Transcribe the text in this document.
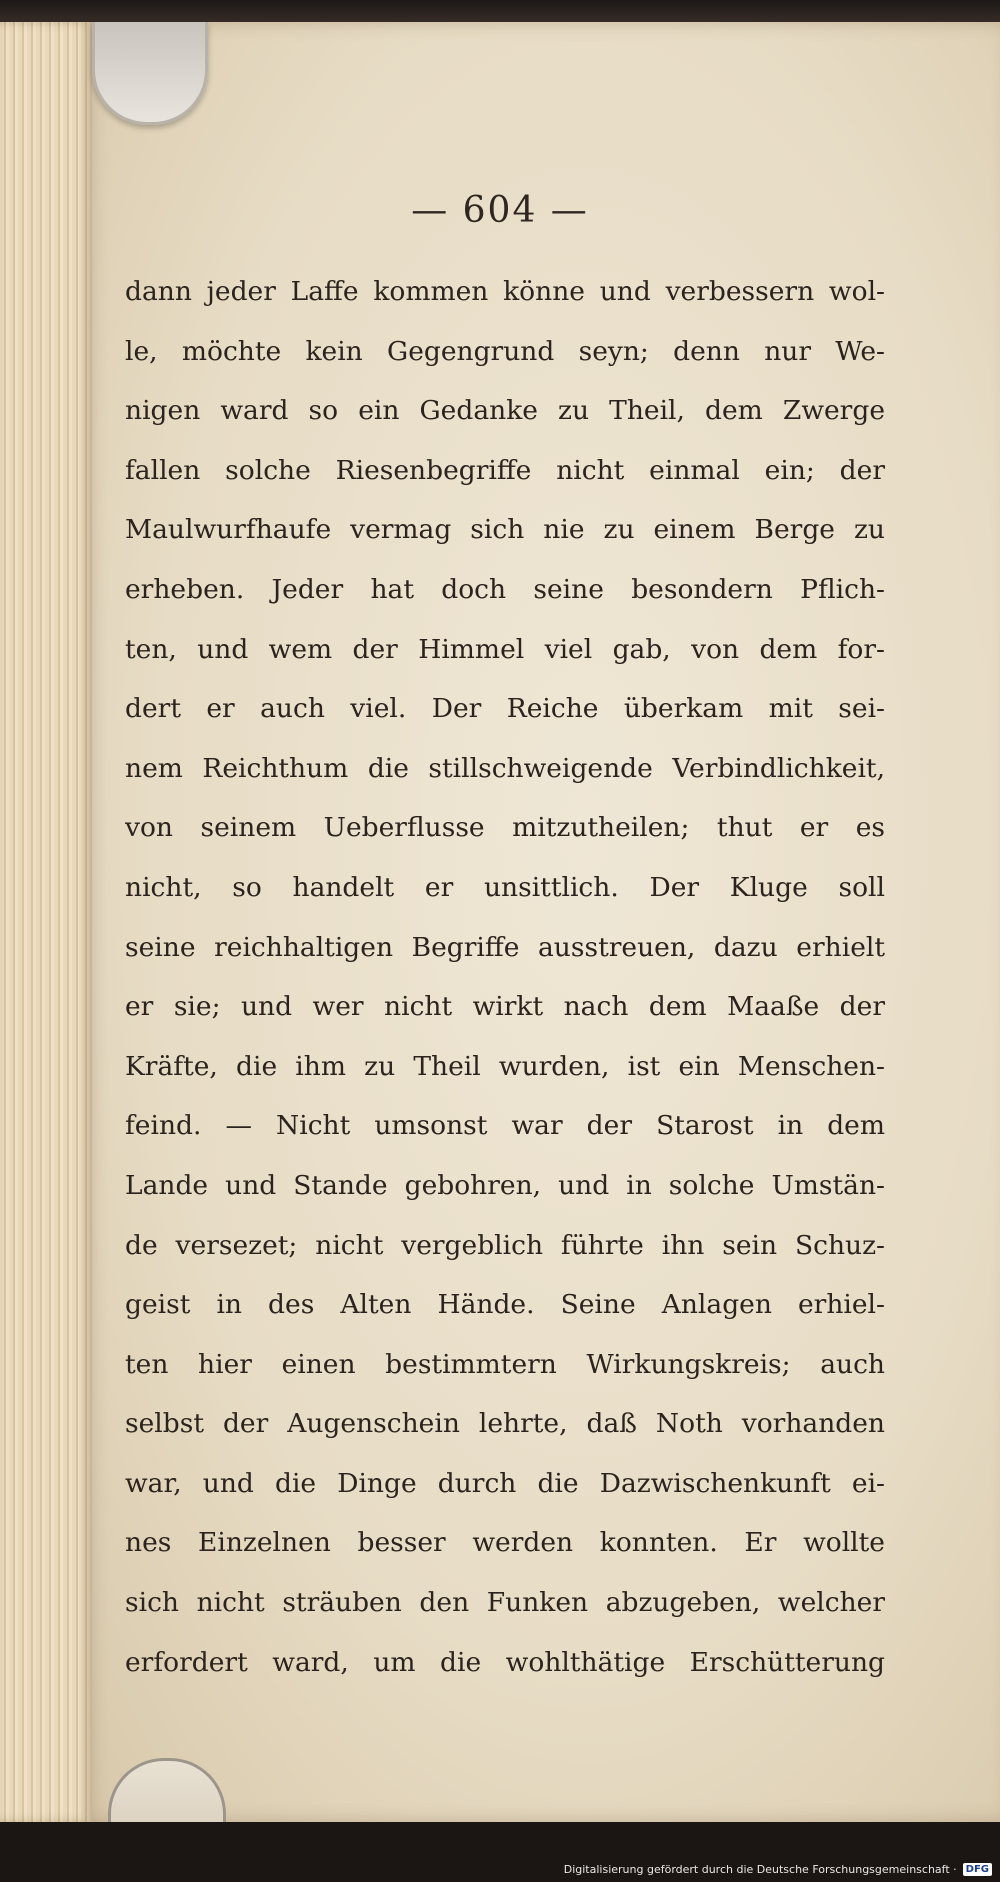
— 604 —
dann jeder Laffe kommen könne und verbessern wol-
le, möchte kein Gegengrund seyn; denn nur We-
nigen ward so ein Gedanke zu Theil, dem Zwerge
fallen solche Riesenbegriffe nicht einmal ein; der
Maulwurfhaufe vermag sich nie zu einem Berge zu
erheben. Jeder hat doch seine besondern Pflich-
ten, und wem der Himmel viel gab, von dem for-
dert er auch viel. Der Reiche überkam mit sei-
nem Reichthum die stillschweigende Verbindlichkeit,
von seinem Ueberflusse mitzutheilen; thut er es
nicht, so handelt er unsittlich. Der Kluge soll
seine reichhaltigen Begriffe ausstreuen, dazu erhielt
er sie; und wer nicht wirkt nach dem Maaße der
Kräfte, die ihm zu Theil wurden, ist ein Menschen-
feind. — Nicht umsonst war der Starost in dem
Lande und Stande gebohren, und in solche Umstän-
de versezet; nicht vergeblich führte ihn sein Schuz-
geist in des Alten Hände. Seine Anlagen erhiel-
ten hier einen bestimmtern Wirkungskreis; auch
selbst der Augenschein lehrte, daß Noth vorhanden
war, und die Dinge durch die Dazwischenkunft ei-
nes Einzelnen besser werden konnten. Er wollte
sich nicht sträuben den Funken abzugeben, welcher
erfordert ward, um die wohlthätige Erschütterung
Digitalisierung gefördert durch die Deutsche Forschungsgemeinschaft · DFG
